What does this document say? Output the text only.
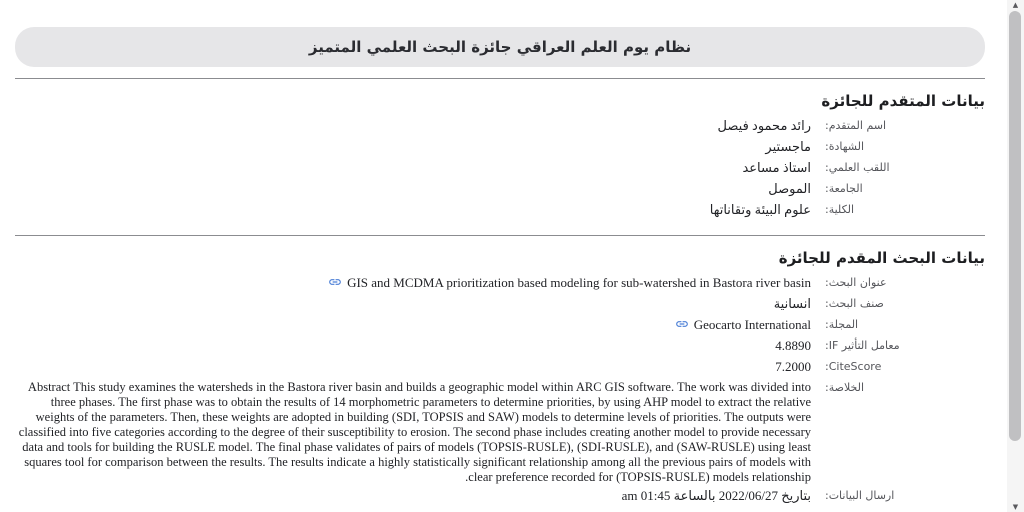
نظام يوم العلم العراقي جائزة البحث العلمي المتميز
بيانات المتقدم للجائزة
اسم المتقدم:
رائد محمود فيصل
الشهادة:
ماجستير
اللقب العلمي:
استاذ مساعد
الجامعة:
الموصل
الكلية:
علوم البيئة وتقاناتها
بيانات البحث المقدم للجائزة
عنوان البحث:
GIS and MCDMA prioritization based modeling for sub-watershed in Bastora river basin
صنف البحث:
انسانية
المجلة:
Geocarto International
معامل التأثير IF:
4.8890
CiteScore:
7.2000
الخلاصة:
Abstract This study examines the watersheds in the Bastora river basin and builds a geographic model within ARC GIS software. The work was divided into three phases. The first phase was to obtain the results of 14 morphometric parameters to determine priorities, by using AHP model to extract the relative weights of the parameters. Then, these weights are adopted in building (SDI, TOPSIS and SAW) models to determine levels of priorities. The outputs were classified into five categories according to the degree of their susceptibility to erosion. The second phase includes creating another model to provide necessary data and tools for building the RUSLE model. The final phase validates of pairs of models (TOPSIS-RUSLE), (SDI-RUSLE), and (SAW-RUSLE) using least squares tool for comparison between the results. The results indicate a highly statistically significant relationship among all the previous pairs of models with clear preference recorded for (TOPSIS-RUSLE) models relationship.
ارسال البيانات:
بتاريخ 2022/06/27 بالساعة 01:45 am
▲
▼
